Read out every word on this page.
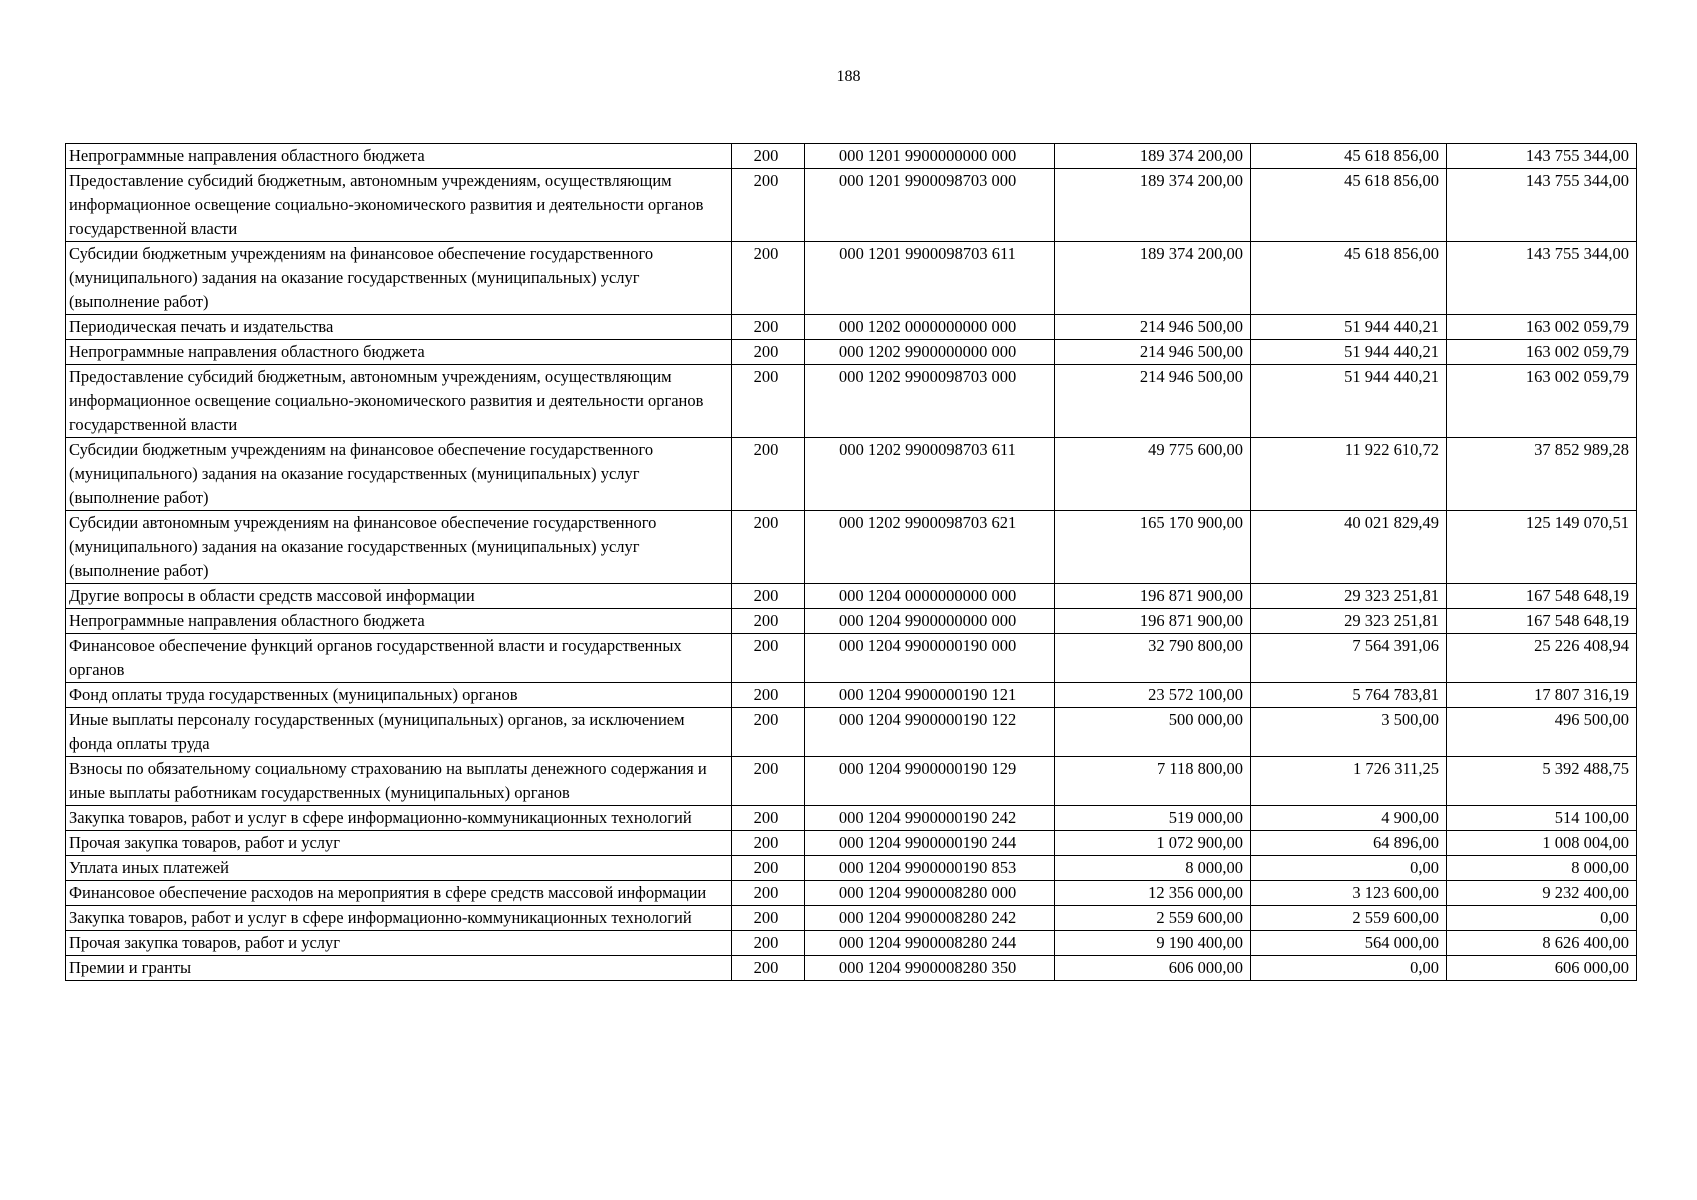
188
Непрограммные направления областного бюджета	200	000 1201 9900000000 000	189 374 200,00	45 618 856,00	143 755 344,00
Предоставление субсидий бюджетным, автономным учреждениям, осуществляющим информационное освещение социально-экономического развития и деятельности органов государственной власти	200	000 1201 9900098703 000	189 374 200,00	45 618 856,00	143 755 344,00
Субсидии бюджетным учреждениям на финансовое обеспечение государственного (муниципального) задания на оказание государственных (муниципальных) услуг (выполнение работ)	200	000 1201 9900098703 611	189 374 200,00	45 618 856,00	143 755 344,00
Периодическая печать и издательства	200	000 1202 0000000000 000	214 946 500,00	51 944 440,21	163 002 059,79
Непрограммные направления областного бюджета	200	000 1202 9900000000 000	214 946 500,00	51 944 440,21	163 002 059,79
Предоставление субсидий бюджетным, автономным учреждениям, осуществляющим информационное освещение социально-экономического развития и деятельности органов государственной власти	200	000 1202 9900098703 000	214 946 500,00	51 944 440,21	163 002 059,79
Субсидии бюджетным учреждениям на финансовое обеспечение государственного (муниципального) задания на оказание государственных (муниципальных) услуг (выполнение работ)	200	000 1202 9900098703 611	49 775 600,00	11 922 610,72	37 852 989,28
Субсидии автономным учреждениям на финансовое обеспечение государственного (муниципального) задания на оказание государственных (муниципальных) услуг (выполнение работ)	200	000 1202 9900098703 621	165 170 900,00	40 021 829,49	125 149 070,51
Другие вопросы в области средств массовой информации	200	000 1204 0000000000 000	196 871 900,00	29 323 251,81	167 548 648,19
Непрограммные направления областного бюджета	200	000 1204 9900000000 000	196 871 900,00	29 323 251,81	167 548 648,19
Финансовое обеспечение функций органов государственной власти и государственных органов	200	000 1204 9900000190 000	32 790 800,00	7 564 391,06	25 226 408,94
Фонд оплаты труда государственных (муниципальных) органов	200	000 1204 9900000190 121	23 572 100,00	5 764 783,81	17 807 316,19
Иные выплаты персоналу государственных (муниципальных) органов, за исключением фонда оплаты труда	200	000 1204 9900000190 122	500 000,00	3 500,00	496 500,00
Взносы по обязательному социальному страхованию на выплаты денежного содержания и иные выплаты работникам государственных (муниципальных) органов	200	000 1204 9900000190 129	7 118 800,00	1 726 311,25	5 392 488,75
Закупка товаров, работ и услуг в сфере информационно-коммуникационных технологий	200	000 1204 9900000190 242	519 000,00	4 900,00	514 100,00
Прочая закупка товаров, работ и услуг	200	000 1204 9900000190 244	1 072 900,00	64 896,00	1 008 004,00
Уплата иных платежей	200	000 1204 9900000190 853	8 000,00	0,00	8 000,00
Финансовое обеспечение расходов на мероприятия в сфере средств массовой информации	200	000 1204 9900008280 000	12 356 000,00	3 123 600,00	9 232 400,00
Закупка товаров, работ и услуг в сфере информационно-коммуникационных технологий	200	000 1204 9900008280 242	2 559 600,00	2 559 600,00	0,00
Прочая закупка товаров, работ и услуг	200	000 1204 9900008280 244	9 190 400,00	564 000,00	8 626 400,00
Премии и гранты	200	000 1204 9900008280 350	606 000,00	0,00	606 000,00
